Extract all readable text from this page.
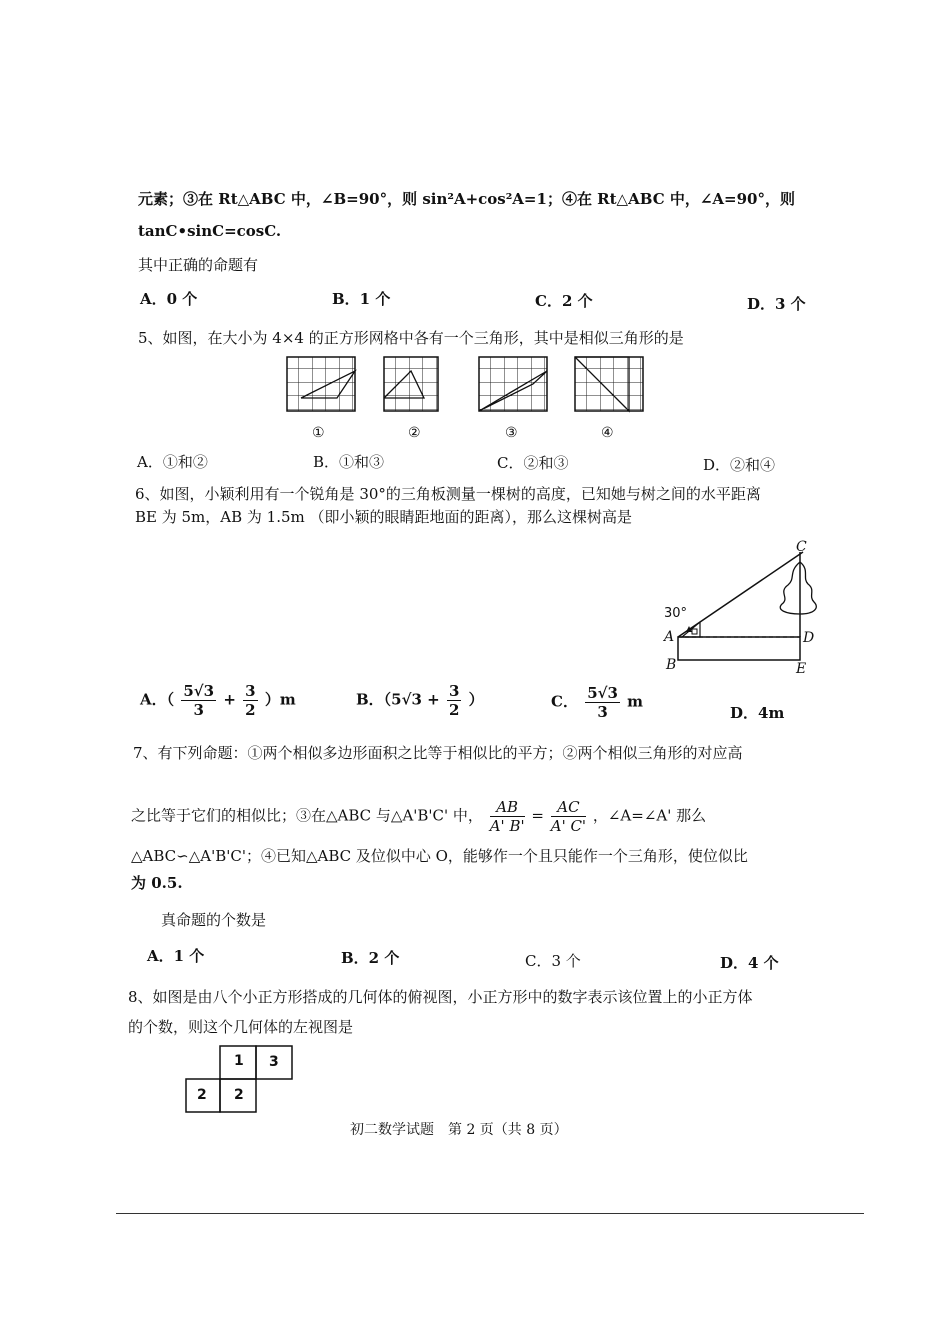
元素；③在 Rt△ABC 中，∠B=90°，则 sin²A+cos²A=1；④在 Rt△ABC 中，∠A=90°，则
tanC•sinC=cosC.
其中正确的命题有
A．0 个	B．1 个	C．2 个	D．3 个
5、如图，在大小为 4×4 的正方形网格中各有一个三角形，其中是相似三角形的是
①	②	③	④
A．①和②	B．①和③	C．②和③	D．②和④
6、如图，小颖利用有一个锐角是 30°的三角板测量一棵树的高度，已知她与树之间的水平距离
BE 为 5m，AB 为 1.5m （即小颖的眼睛距地面的距离），那么这棵树高是
30°
A
B
C
D
E
A．（ $\frac{5√3}{3} + \frac{3}{2} )m$	B．（$5√3 + \frac{3}{2}$ ）	C． $\frac{5√3}{3}$ m
D．4m
7、有下列命题：①两个相似多边形面积之比等于相似比的平方；②两个相似三角形的对应高
之比等于它们的相似比；③在△ABC 与△A'B'C' 中， $\frac{AB}{A' B'} = \frac{AC}{A' C'}$ ，∠A=∠A' 那么
△ABC∽△A'B'C'；④已知△ABC 及位似中心 O，能够作一个且只能作一个三角形，使位似比
为 0.5.
真命题的个数是
A．1 个	B．2 个	C．3 个	D．4 个
8、如图是由八个小正方形搭成的几何体的俯视图，小正方形中的数字表示该位置上的小正方体
的个数，则这个几何体的左视图是
1 3
2 2
初二数学试题　第 2 页（共 8 页）
